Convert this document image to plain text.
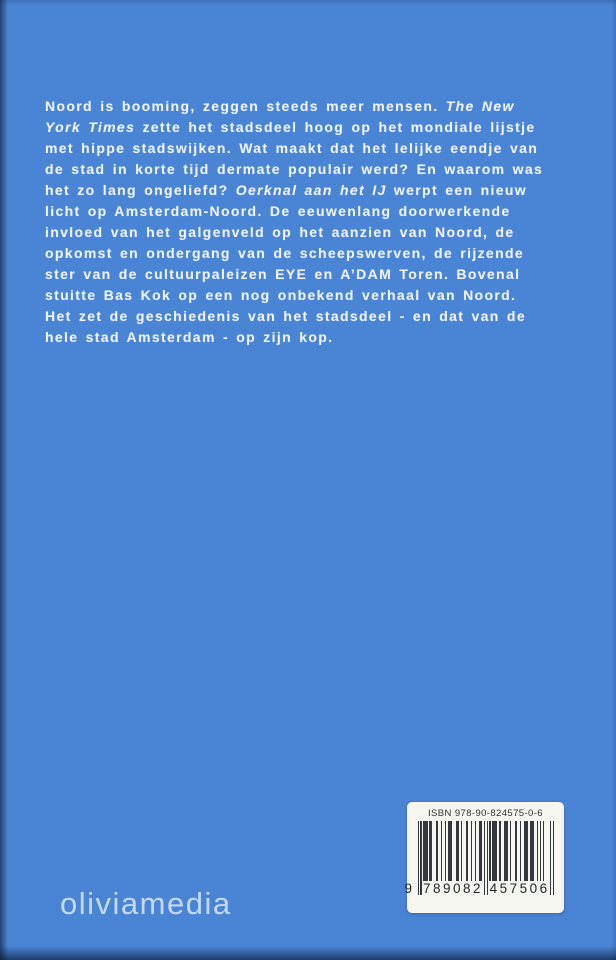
Noord is booming, zeggen steeds meer mensen. The New
York Times zette het stadsdeel hoog op het mondiale lijstje
met hippe stadswijken. Wat maakt dat het lelijke eendje van
de stad in korte tijd dermate populair werd? En waarom was
het zo lang ongeliefd? Oerknal aan het IJ werpt een nieuw
licht op Amsterdam-Noord. De eeuwenlang doorwerkende
invloed van het galgenveld op het aanzien van Noord, de
opkomst en ondergang van de scheepswerven, de rijzende
ster van de cultuurpaleizen EYE en A’DAM Toren. Bovenal
stuitte Bas Kok op een nog onbekend verhaal van Noord.
Het zet de geschiedenis van het stadsdeel - en dat van de
hele stad Amsterdam - op zijn kop.
ISBN 978-90-824575-0-6
9 789082 457506
oliviamedia
